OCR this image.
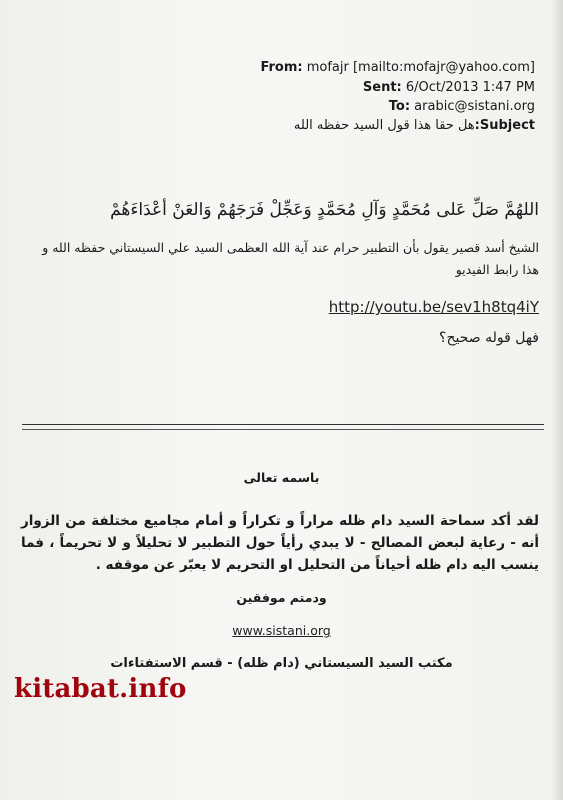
From: mofajr [mailto:mofajr@yahoo.com]
Sent: 6/Oct/2013 1:47 PM
To: arabic@sistani.org
هل حقا هذا قول السيد حفظه الله:Subject
اللهُمَّ صَلِّ عَلى مُحَمَّدٍ وَآلِ مُحَمَّدٍ وَعَجِّلْ فَرَجَهُمْ وَالعَنْ أعْدَاءَهُمْ
الشيخ أسد قصير يقول بأن التطبير حرام عند آية الله العظمى السيد علي السيستاني حفظه الله و هذا رابط الفيديو
http://youtu.be/sev1h8tq4iY
فهل قوله صحيح؟
باسمه تعالى
لقد أكد سماحة السيد دام ظله مراراً و تكراراً و أمام مجاميع مختلفة من الزوار أنه - رعاية لبعض المصالح - لا يبدي رأياً حول التطبير لا تحليلاً و لا تحريماً ، فما ينسب اليه دام ظله أحياناً من التحليل او التحريم لا يعبّر عن موقفه .
ودمتم موفقين
www.sistani.org
مكتب السيد السيستاني (دام ظله) - قسم الاستفتاءات
kitabat.info
